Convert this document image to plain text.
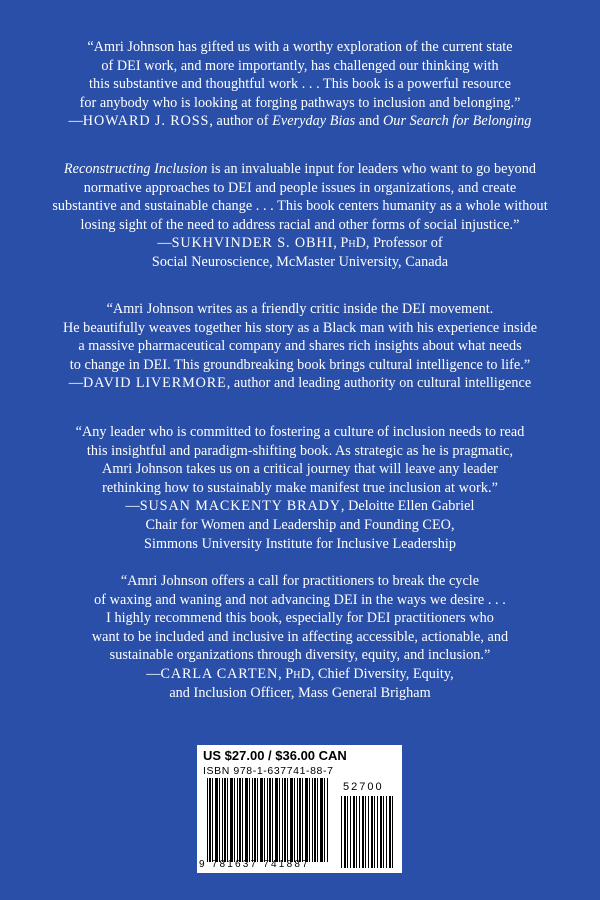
“Amri Johnson has gifted us with a worthy exploration of the current state
of DEI work, and more importantly, has challenged our thinking with
this substantive and thoughtful work . . . This book is a powerful resource
for anybody who is looking at forging pathways to inclusion and belonging.”

—HOWARD J. ROSS, author of Everyday Bias and Our Search for Belonging

Reconstructing Inclusion is an invaluable input for leaders who want to go beyond
normative approaches to DEI and people issues in organizations, and create
substantive and sustainable change . . . This book centers humanity as a whole without
losing sight of the need to address racial and other forms of social injustice.”

—SUKHVINDER S. OBHI, PhD, Professor of
Social Neuroscience, McMaster University, Canada

“Amri Johnson writes as a friendly critic inside the DEI movement.
He beautifully weaves together his story as a Black man with his experience inside
a massive pharmaceutical company and shares rich insights about what needs
to change in DEI. This groundbreaking book brings cultural intelligence to life.”

—DAVID LIVERMORE, author and leading authority on cultural intelligence

“Any leader who is committed to fostering a culture of inclusion needs to read
this insightful and paradigm-shifting book. As strategic as he is pragmatic,
Amri Johnson takes us on a critical journey that will leave any leader
rethinking how to sustainably make manifest true inclusion at work.”

—SUSAN MACKENTY BRADY, Deloitte Ellen Gabriel
Chair for Women and Leadership and Founding CEO,
Simmons University Institute for Inclusive Leadership

“Amri Johnson offers a call for practitioners to break the cycle
of waxing and waning and not advancing DEI in the ways we desire . . .
I highly recommend this book, especially for DEI practitioners who
want to be included and inclusive in affecting accessible, actionable, and
sustainable organizations through diversity, equity, and inclusion.”

—CARLA CARTEN, PhD, Chief Diversity, Equity,
and Inclusion Officer, Mass General Brigham

US $27.00 / $36.00 CAN
ISBN 978-1-637741-88-7
9 781637 741887
52700
